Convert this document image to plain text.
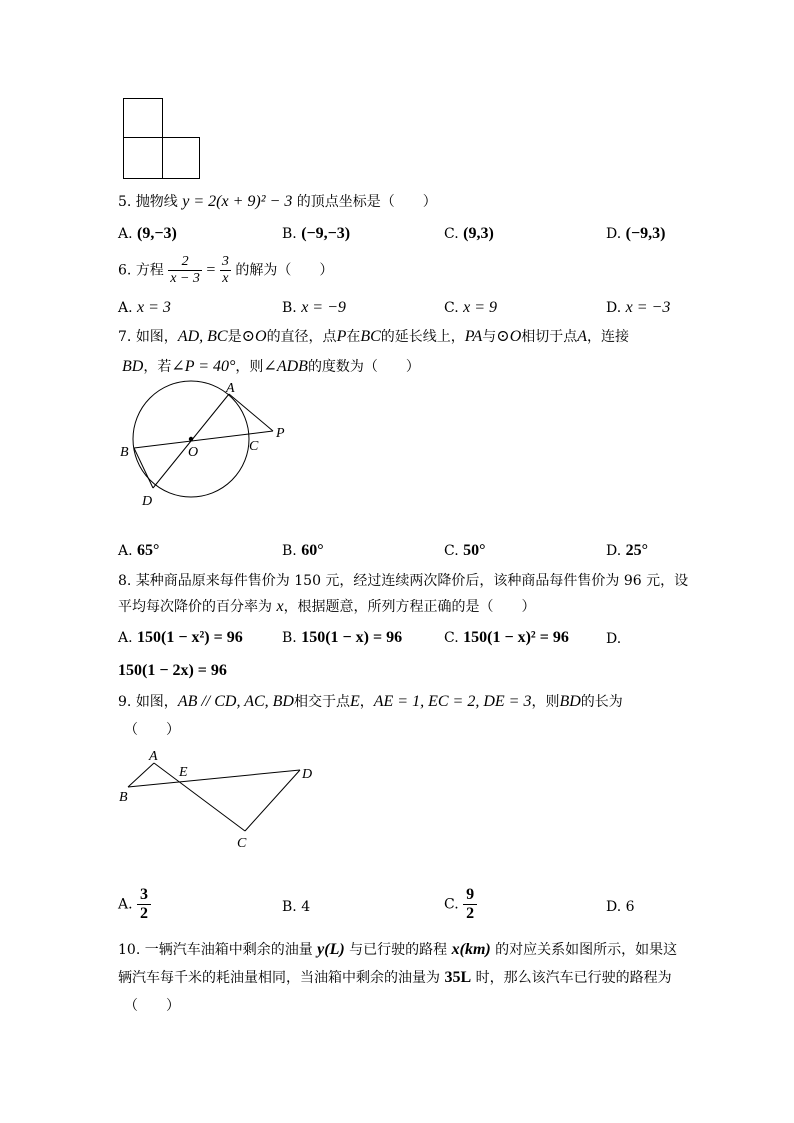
5. 抛物线 y = 2(x + 9)² − 3 的顶点坐标是（　　）
A. (9,−3)	B. (−9,−3)	C. (9,3)	D. (−9,3)
6. 方程 $\frac{2}{x - 3} = \frac{3}{x}$ 的解为（　　）
A. x = 3	B. x = −9	C. x = 9	D. x = −3
7. 如图，AD, BC是⊙O的直径，点P在BC的延长线上，PA与⊙O相切于点A，连接
BD，若∠P = 40°，则∠ADB的度数为（　　）
A
B	O	C
P
D
A. 65°	B. 60°	C. 50°	D. 25°
8. 某种商品原来每件售价为 150 元，经过连续两次降价后，该种商品每件售价为 96 元，设
平均每次降价的百分率为 x，根据题意，所列方程正确的是（　　）
A. 150(1 − x²) = 96	B. 150(1 − x) = 96	C. 150(1 − x)² = 96	D.
150(1 − 2x) = 96
9. 如图，AB // CD, AC, BD相交于点E，AE = 1, EC = 2, DE = 3，则BD的长为
（　　）
A
B
E	D
C
A. $\frac{3}{2}$	B. 4	C. $\frac{9}{2}$	D. 6
10. 一辆汽车油箱中剩余的油量 y(L) 与已行驶的路程 x(km) 的对应关系如图所示，如果这
辆汽车每千米的耗油量相同，当油箱中剩余的油量为 35L 时，那么该汽车已行驶的路程为
（　　）
